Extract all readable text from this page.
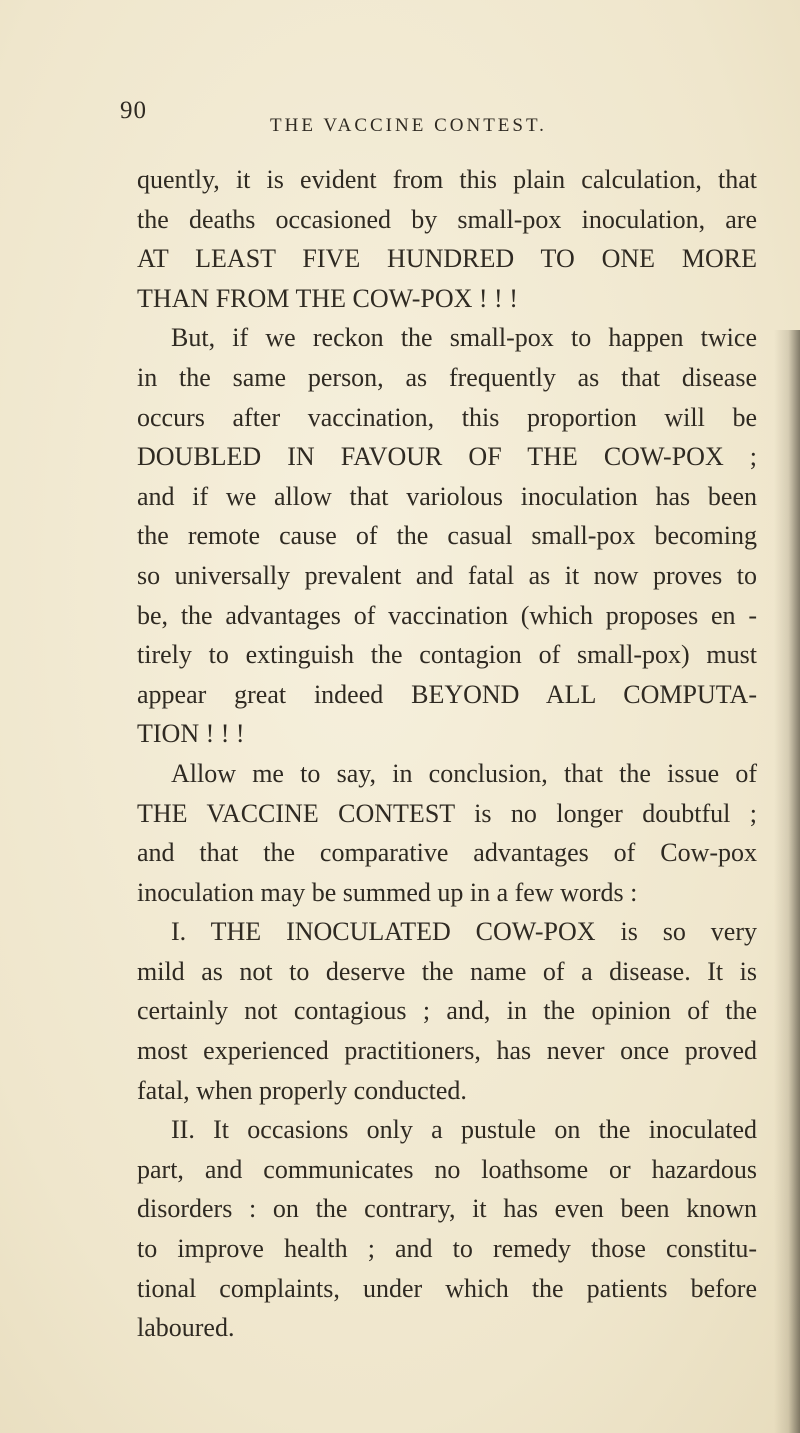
90
THE VACCINE CONTEST.
quently, it is evident from this plain calculation, that
the deaths occasioned by small-pox inoculation, are
AT LEAST FIVE HUNDRED TO ONE MORE
THAN FROM THE COW-POX ! ! !
But, if we reckon the small-pox to happen twice
in the same person, as frequently as that disease
occurs after vaccination, this proportion will be
DOUBLED IN FAVOUR OF THE COW-POX ;
and if we allow that variolous inoculation has been
the remote cause of the casual small-pox becoming
so universally prevalent and fatal as it now proves to
be, the advantages of vaccination (which proposes en -
tirely to extinguish the contagion of small-pox) must
appear great indeed BEYOND ALL COMPUTA-
TION ! ! !
Allow me to say, in conclusion, that the issue of
THE VACCINE CONTEST is no longer doubtful ;
and that the comparative advantages of Cow-pox
inoculation may be summed up in a few words :
I. THE INOCULATED COW-POX is so very
mild as not to deserve the name of a disease. It is
certainly not contagious ; and, in the opinion of the
most experienced practitioners, has never once proved
fatal, when properly conducted.
II. It occasions only a pustule on the inoculated
part, and communicates no loathsome or hazardous
disorders : on the contrary, it has even been known
to improve health ; and to remedy those constitu-
tional complaints, under which the patients before
laboured.
